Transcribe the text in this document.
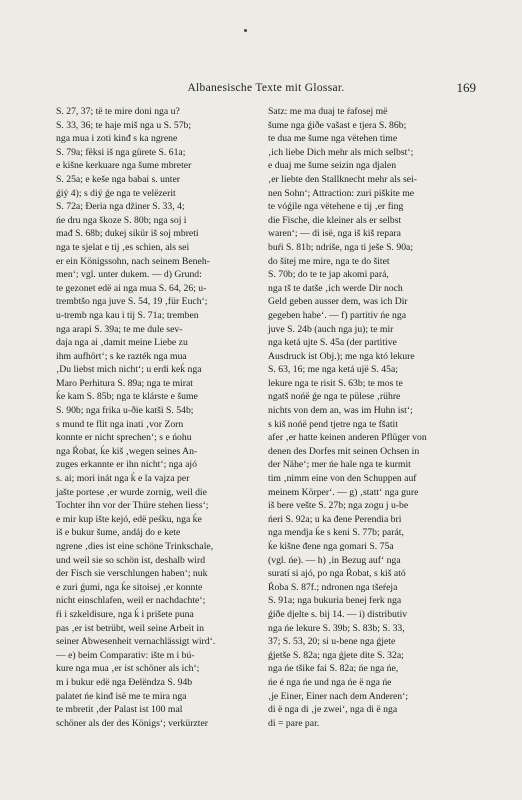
Albanesische Texte mit Glossar.	169
S. 27, 37; të te mire doni nga u?
S. 33, 36; te haje miš nga u S. 57b;
nga mua i zoti kinđ s ka ngrene
S. 79a; fëksi iš nga gürete S. 61a;
e kišne kerkuare nga šume mbreter
S. 25a; e keše nga babai s. unter
ǵiý 4); s diý ǵe nga te velëzerit
S. 72a; Đeria nga džiner S. 33, 4;
ńe dru nga škoze S. 80b; nga soj i
mađ S. 68b; dukej sikür iš soj mbreti
nga te sjelat e tij ‚es schien, als sei
er ein Königssohn, nach seinem Beneh-
men‘; vgl. unter dukem. — d) Grund:
te gezonet edë ai nga mua S. 64, 26; u-
trembtšo nga juve S. 54, 19 ‚für Euch‘;
u-tremb nga kau i tij S. 71a; tremben
nga arapi S. 39a; te me dule sev-
daja nga ai ‚damit meine Liebe zu
ihm aufhört‘; s ke razték nga mua
‚Du liebst mich nicht‘; u erdi keḱ nga
Maro Perhitura S. 89a; nga te mirat
ḱe kam S. 85b; nga te klárste e šume
S. 90b; nga frika u-ðie katši S. 54b;
s mund te flit nga inati ‚vor Zorn
konnte er nicht sprechen‘; s e ńohu
nga Ŕobat, ḱe kiš ‚wegen seines An-
zuges erkannte er ihn nicht‘; nga ajó
s. ai; mori inát nga ḱ e la vajza per
jašte portese ‚er wurde zornig, weil die
Tochter ihn vor der Thüre stehen liess‘;
e mir kup ište kejó, edë peśku, nga ḱe
iš e bukur šume, andáj do e kete
ngrene ‚dies ist eine schöne Trinkschale,
und weil sie so schön ist, deshalb wird
der Fisch sie verschlungen haben‘; nuk
e zuri ǵumi, nga ḱe sitoisej ‚er konnte
nicht einschlafen, weil er nachdachte‘;
ŕi i szkeldisure, nga ḱ i prišete puna
pas ‚er ist betrübt, weil seine Arbeit in
seiner Abwesenheit vernachlässigt wird‘.
— e) beim Comparativ: ište m i bú-
kure nga mua ‚er ist schöner als ich‘;
m i bukur edë nga Đelëndza S. 94b
palatet ńe kinđ isë me te mira nga
te mbretit ‚der Palast ist 100 mal
schöner als der des Königs‘; verkürzter
Satz: me ma duaj te ŕafosej më
šume nga ǵiðe vašast e tjera S. 86b;
te dua me šume nga vëtehen time
‚ich liebe Dich mehr als mich selbst‘;
e duaj me šume seizin nga djalen
‚er liebte den Stallknecht mehr als sei-
nen Sohn‘; Attraction: zuri piškite me
te vóǵile nga vëtehene e tij ‚er fing
die Fische, die kleiner als er selbst
waren‘; — di isë, nga iš kiš repara
buŕi S. 81b; ndriše, nga ti ješe S. 90a;
do šitej me mire, nga te do šitet
S. 70b; do te te jap akomi pará,
nga tš te datše ‚ich werde Dir noch
Geld geben ausser dem, was ich Dir
gegeben habe‘. — f) partitiv ńe nga
juve S. 24b (auch nga ju); te mir
nga ketá ujte S. 45a (der partitive
Ausdruck ist Obj.); me nga któ lekure
S. 63, 16; me nga ketá ujë S. 45a;
lekure nga te risit S. 63b; te mos te
ngatš nońë ǵe nga te pülese ‚rühre
nichts von dem an, was im Huhn ist‘;
s kiš nońë pend tjetre nga te fšatit
afer ‚er hatte keinen anderen Pflüger von
denen des Dorfes mit seinen Ochsen in
der Nähe‘; mer ńe hale nga te kurmit
tim ‚nimm eine von den Schuppen auf
meinem Körper‘. — g) ‚statt‘ nga gure
iš bere vešte S. 27b; nga zogu j u-be
ńeri S. 92a; u ka đene Perendia bri
nga mendja ḱe s keni S. 77b; parát,
ḱe kišne đene nga gomari S. 75a
(vgl. ńe). — h) ‚in Bezug auf‘ nga
suratí si ajó, po nga Ŕobat, s kiš ató
Ŕoba S. 87f.; ndronen nga tšeŕeja
S. 91a; nga bukuria benej ferk nga
ǵiðe djelte s. bij 14. — i) distributiv
nga ńe lekure S. 39b; S. 83b; S. 33,
37; S. 53, 20; si u-bene nga ǵjete
ǵjetše S. 82a; nga ǵjete dite S. 32a;
nga ńe tšike fai S. 82a; ńe nga ńe,
ńe é nga ńe und nga ńe ë nga ńe
‚je Einer, Einer nach dem Anderen‘;
di ë nga di ‚je zwei‘, nga di ë nga
di = pare par.
